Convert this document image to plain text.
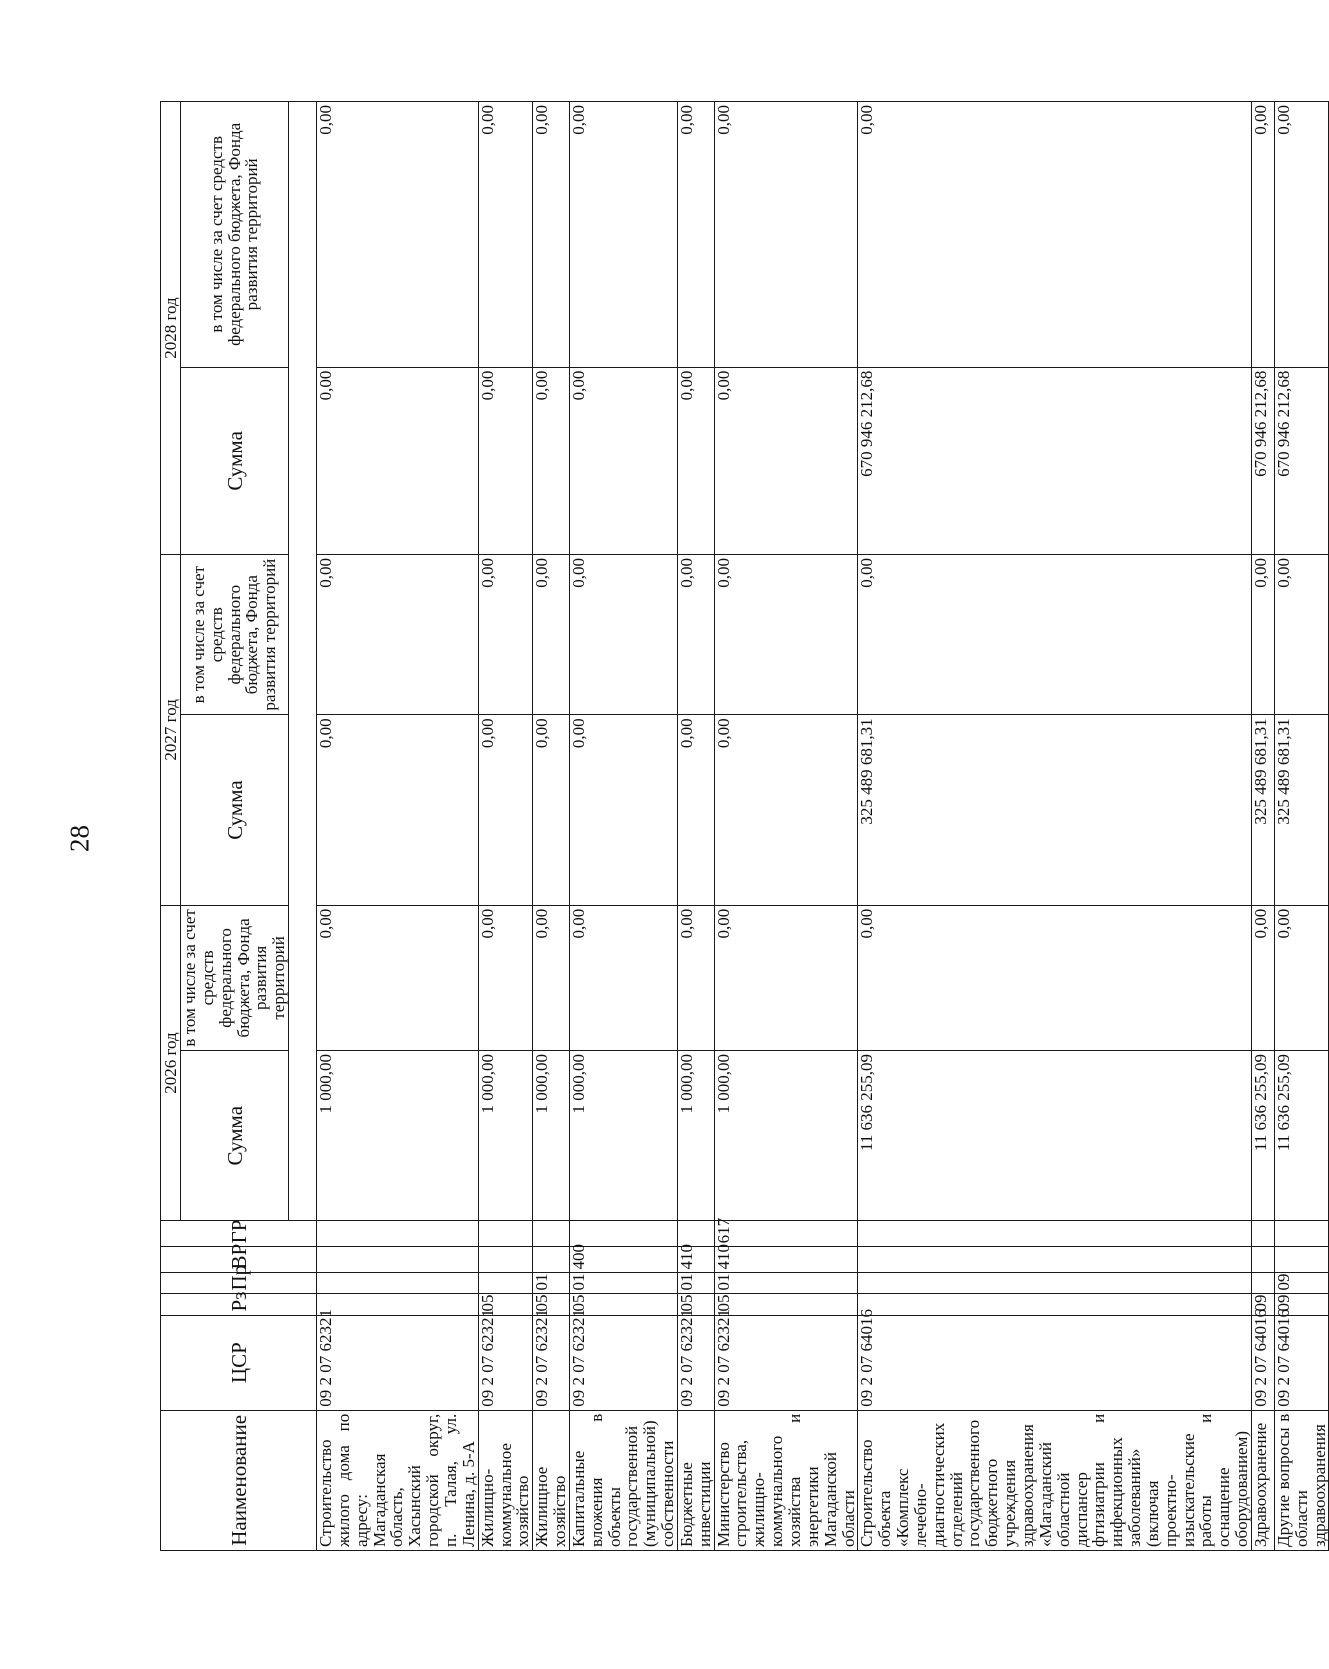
28
Наименование	ЦСР	Рз	Пр	ВР	ГР	2026 год		2027 год		2028 год	
						Сумма	в том числе за счет средств федерального бюджета, Фонда развития территорий	Сумма	в том числе за счет средств федерального бюджета, Фонда развития территорий	Сумма	в том числе за счет средств федерального бюджета, Фонда развития территорий

Строительство жилого дома по адресу: Магаданская область, Хасынский городской округ, п. Талая, ул. Ленина, д. 5-А	09 2 07 62321					1 000,00	0,00	0,00	0,00	0,00	0,00
Жилищно-коммунальное хозяйство	09 2 07 62321	05				1 000,00	0,00	0,00	0,00	0,00	0,00
Жилищное хозяйство	09 2 07 62321	05	01			1 000,00	0,00	0,00	0,00	0,00	0,00
Капитальные вложения в объекты государственной (муниципальной) собственности	09 2 07 62321	05	01	400		1 000,00	0,00	0,00	0,00	0,00	0,00
Бюджетные инвестиции	09 2 07 62321	05	01	410		1 000,00	0,00	0,00	0,00	0,00	0,00
Министерство строительства, жилищно-коммунального хозяйства и энергетики Магаданской области	09 2 07 62321	05	01	410	617	1 000,00	0,00	0,00	0,00	0,00	0,00
Строительство объекта «Комплекс лечебно-диагностических отделений государственного бюджетного учреждения здравоохранения «Магаданский областной диспансер фтизиатрии и инфекционных заболеваний» (включая проектно-изыскательские работы и оснащение оборудованием)	09 2 07 64016					11 636 255,09	0,00	325 489 681,31	0,00	670 946 212,68	0,00
Здравоохранение	09 2 07 64016	09				11 636 255,09	0,00	325 489 681,31	0,00	670 946 212,68	0,00
Другие вопросы в области здравоохранения	09 2 07 64016	09	09			11 636 255,09	0,00	325 489 681,31	0,00	670 946 212,68	0,00
